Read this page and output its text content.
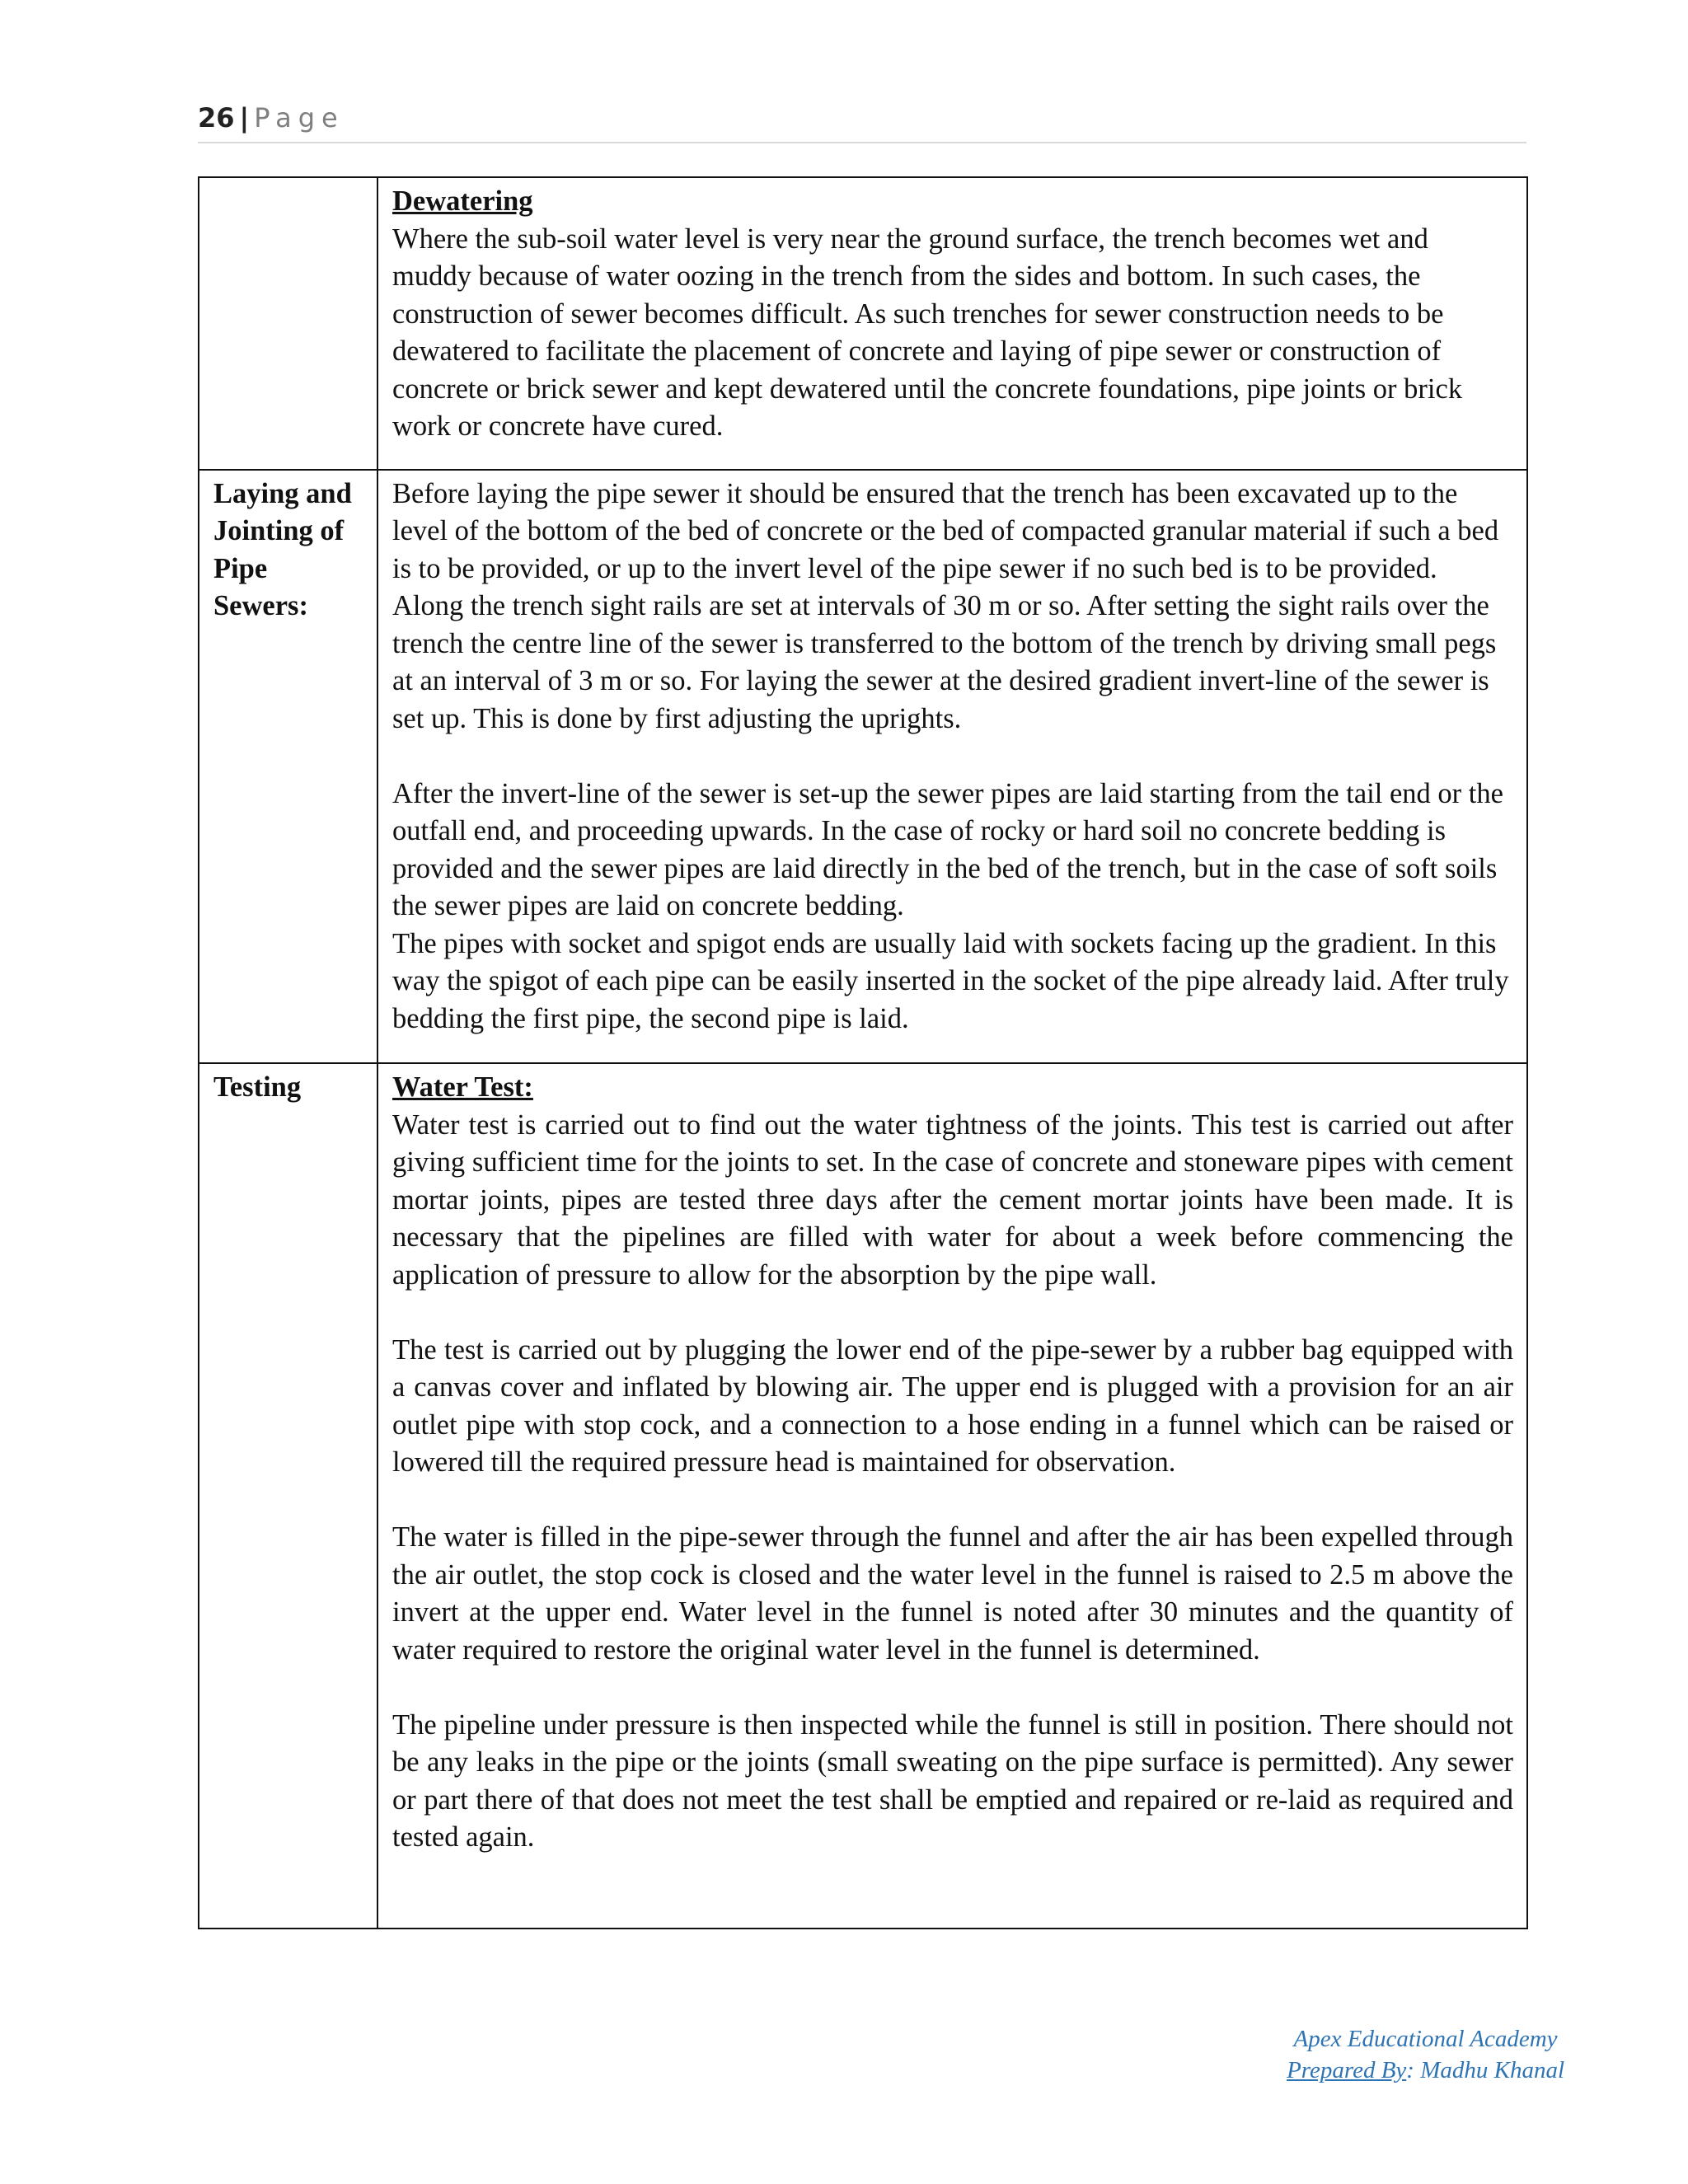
26 | Page

	Dewatering

Where the sub-soil water level is very near the ground surface, the trench becomes wet and muddy because of water oozing in the trench from the sides and bottom. In such cases, the construction of sewer becomes difficult. As such trenches for sewer construction needs to be dewatered to facilitate the placement of concrete and laying of pipe sewer or construction of concrete or brick sewer and kept dewatered until the concrete foundations, pipe joints or brick work or concrete have cured.

Laying and Jointing of Pipe Sewers:	Before laying the pipe sewer it should be ensured that the trench has been excavated up to the level of the bottom of the bed of concrete or the bed of compacted granular material if such a bed is to be provided, or up to the invert level of the pipe sewer if no such bed is to be provided.

Along the trench sight rails are set at intervals of 30 m or so. After setting the sight rails over the trench the centre line of the sewer is transferred to the bottom of the trench by driving small pegs at an interval of 3 m or so. For laying the sewer at the desired gradient invert-line of the sewer is set up. This is done by first adjusting the uprights.

After the invert-line of the sewer is set-up the sewer pipes are laid starting from the tail end or the outfall end, and proceeding upwards. In the case of rocky or hard soil no concrete bedding is provided and the sewer pipes are laid directly in the bed of the trench, but in the case of soft soils the sewer pipes are laid on concrete bedding.

The pipes with socket and spigot ends are usually laid with sockets facing up the gradient. In this way the spigot of each pipe can be easily inserted in the socket of the pipe already laid. After truly bedding the first pipe, the second pipe is laid.

Testing	Water Test:

Water test is carried out to find out the water tightness of the joints. This test is carried out after giving sufficient time for the joints to set. In the case of concrete and stoneware pipes with cement mortar joints, pipes are tested three days after the cement mortar joints have been made. It is necessary that the pipelines are filled with water for about a week before commencing the application of pressure to allow for the absorption by the pipe wall.

The test is carried out by plugging the lower end of the pipe-sewer by a rubber bag equipped with a canvas cover and inflated by blowing air. The upper end is plugged with a provision for an air outlet pipe with stop cock, and a connection to a hose ending in a funnel which can be raised or lowered till the required pressure head is maintained for observation.

The water is filled in the pipe-sewer through the funnel and after the air has been expelled through the air outlet, the stop cock is closed and the water level in the funnel is raised to 2.5 m above the invert at the upper end. Water level in the funnel is noted after 30 minutes and the quantity of water required to restore the original water level in the funnel is determined.

The pipeline under pressure is then inspected while the funnel is still in position. There should not be any leaks in the pipe or the joints (small sweating on the pipe surface is permitted). Any sewer or part there of that does not meet the test shall be emptied and repaired or re-laid as required and tested again.

Apex Educational Academy
Prepared By: Madhu Khanal
